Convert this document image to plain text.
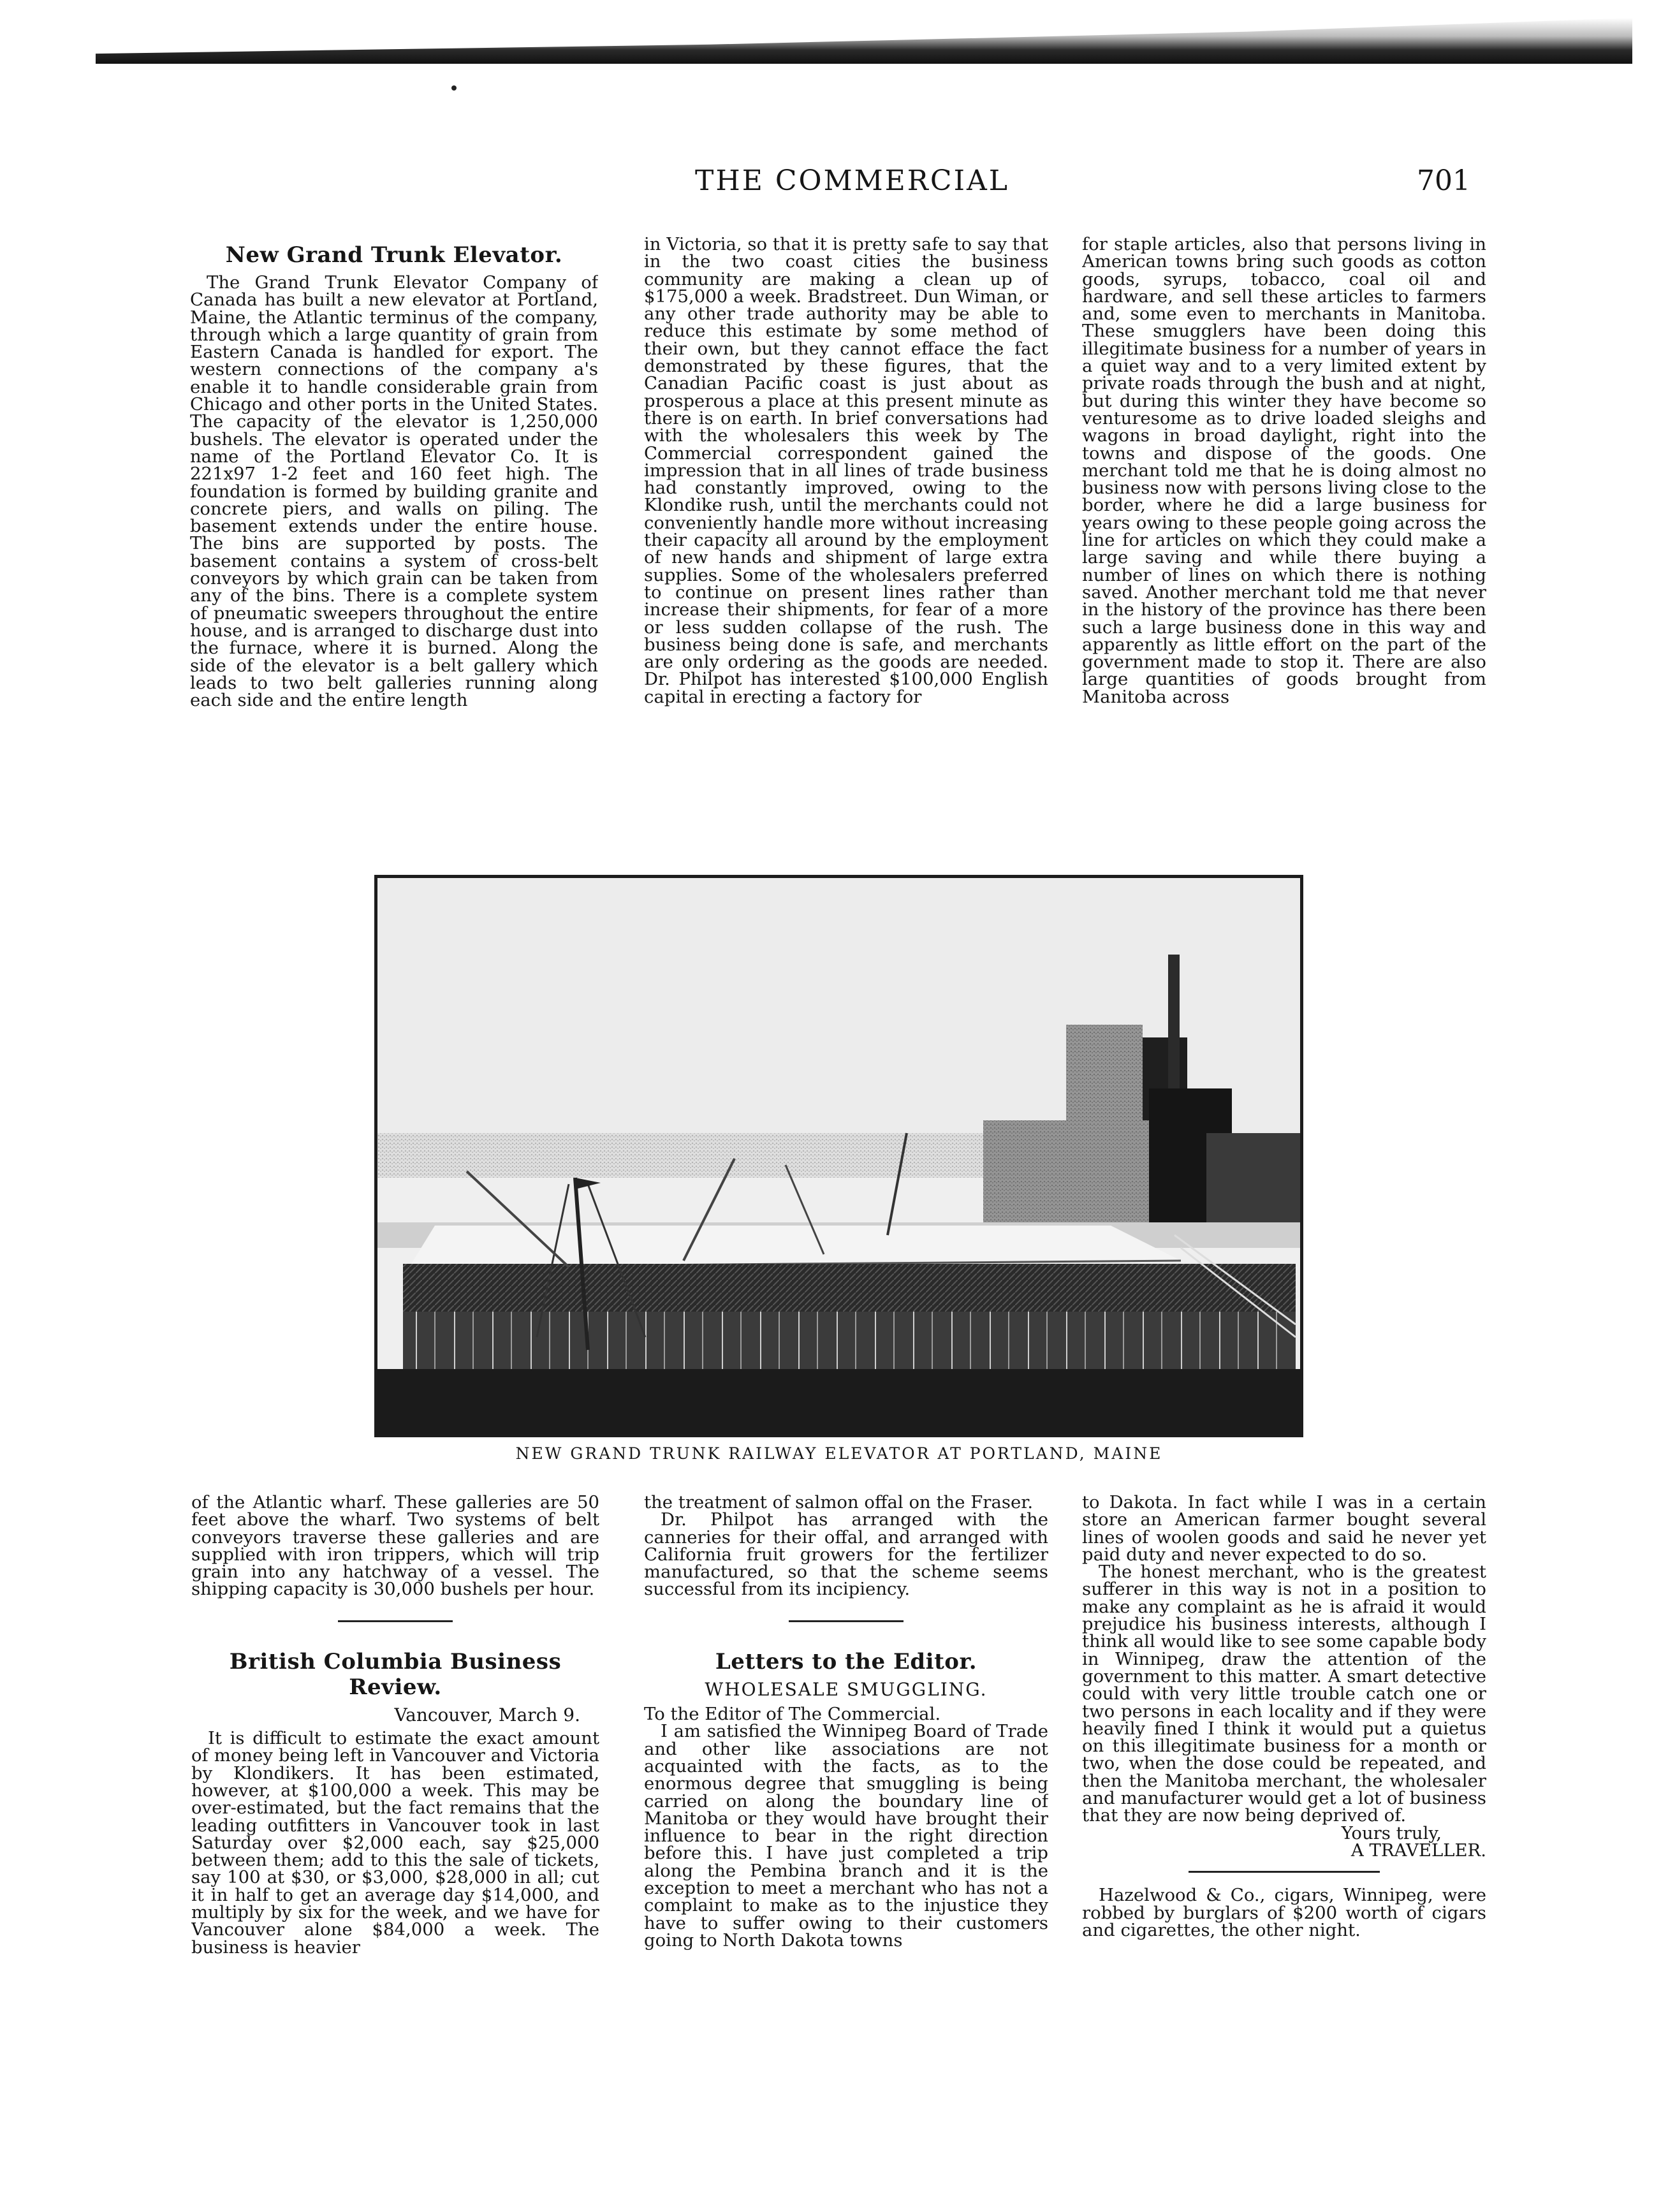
THE COMMERCIAL	701
New Grand Trunk Elevator.

The Grand Trunk Elevator Company of Canada has built a new elevator at Portland, Maine, the Atlantic terminus of the company, through which a large quantity of grain from Eastern Canada is handled for export. The western connections of the company a's enable it to handle considerable grain from Chicago and other ports in the United States. The capacity of the elevator is 1,250,000 bushels. The elevator is operated under the name of the Portland Elevator Co. It is 221x97 1-2 feet and 160 feet high. The foundation is formed by building granite and concrete piers, and walls on piling. The basement extends under the entire house. The bins are supported by posts. The basement contains a system of cross-belt conveyors by which grain can be taken from any of the bins. There is a complete system of pneumatic sweepers throughout the entire house, and is arranged to discharge dust into the furnace, where it is burned. Along the side of the elevator is a belt gallery which leads to two belt galleries running along each side and the entire length

in Victoria, so that it is pretty safe to say that in the two coast cities the business community are making a clean up of $175,000 a week. Bradstreet. Dun Wiman, or any other trade authority may be able to reduce this estimate by some method of their own, but they cannot efface the fact demonstrated by these figures, that the Canadian Pacific coast is just about as prosperous a place at this present minute as there is on earth. In brief conversations had with the wholesalers this week by The Commercial correspondent gained the impression that in all lines of trade business had constantly improved, owing to the Klondike rush, until the merchants could not conveniently handle more without increasing their capacity all around by the employment of new hands and shipment of large extra supplies. Some of the wholesalers preferred to continue on present lines rather than increase their shipments, for fear of a more or less sudden collapse of the rush. The business being done is safe, and merchants are only ordering as the goods are needed. Dr. Philpot has interested $100,000 English capital in erecting a factory for

for staple articles, also that persons living in American towns bring such goods as cotton goods, syrups, tobacco, coal oil and hardware, and sell these articles to farmers and, some even to merchants in Manitoba. These smugglers have been doing this illegitimate business for a number of years in a quiet way and to a very limited extent by private roads through the bush and at night, but during this winter they have become so venturesome as to drive loaded sleighs and wagons in broad daylight, right into the towns and dispose of the goods. One merchant told me that he is doing almost no business now with persons living close to the border, where he did a large business for years owing to these people going across the line for articles on which they could make a large saving and while there buying a number of lines on which there is nothing saved. Another merchant told me that never in the history of the province has there been such a large business done in this way and apparently as little effort on the part of the government made to stop it. There are also large quantities of goods brought from Manitoba across

NEW GRAND TRUNK RAILWAY ELEVATOR AT PORTLAND, MAINE

of the Atlantic wharf. These galleries are 50 feet above the wharf. Two systems of belt conveyors traverse these galleries and are supplied with iron trippers, which will trip grain into any hatchway of a vessel. The shipping capacity is 30,000 bushels per hour.

British Columbia Business Review.
Vancouver, March 9.

It is difficult to estimate the exact amount of money being left in Vancouver and Victoria by Klondikers. It has been estimated, however, at $100,000 a week. This may be over-estimated, but the fact remains that the leading outfitters in Vancouver took in last Saturday over $2,000 each, say $25,000 between them; add to this the sale of tickets, say 100 at $30, or $3,000, $28,000 in all; cut it in half to get an average day $14,000, and multiply by six for the week, and we have for Vancouver alone $84,000 a week. The business is heavier

the treatment of salmon offal on the Fraser.

Dr. Philpot has arranged with the canneries for their offal, and arranged with California fruit growers for the fertilizer manufactured, so that the scheme seems successful from its incipiency.

Letters to the Editor.
WHOLESALE SMUGGLING.

To the Editor of The Commercial.

I am satisfied the Winnipeg Board of Trade and other like associations are not acquainted with the facts, as to the enormous degree that smuggling is being carried on along the boundary line of Manitoba or they would have brought their influence to bear in the right direction before this. I have just completed a trip along the Pembina branch and it is the exception to meet a merchant who has not a complaint to make as to the injustice they have to suffer owing to their customers going to North Dakota towns

to Dakota. In fact while I was in a certain store an American farmer bought several lines of woolen goods and said he never yet paid duty and never expected to do so.

The honest merchant, who is the greatest sufferer in this way is not in a position to make any complaint as he is afraid it would prejudice his business interests, although I think all would like to see some capable body in Winnipeg, draw the attention of the government to this matter. A smart detective could with very little trouble catch one or two persons in each locality and if they were heavily fined I think it would put a quietus on this illegitimate business for a month or two, when the dose could be repeated, and then the Manitoba merchant, the wholesaler and manufacturer would get a lot of business that they are now being deprived of.

Yours truly,

A TRAVELLER.

Hazelwood & Co., cigars, Winnipeg, were robbed by burglars of $200 worth of cigars and cigarettes, the other night.
